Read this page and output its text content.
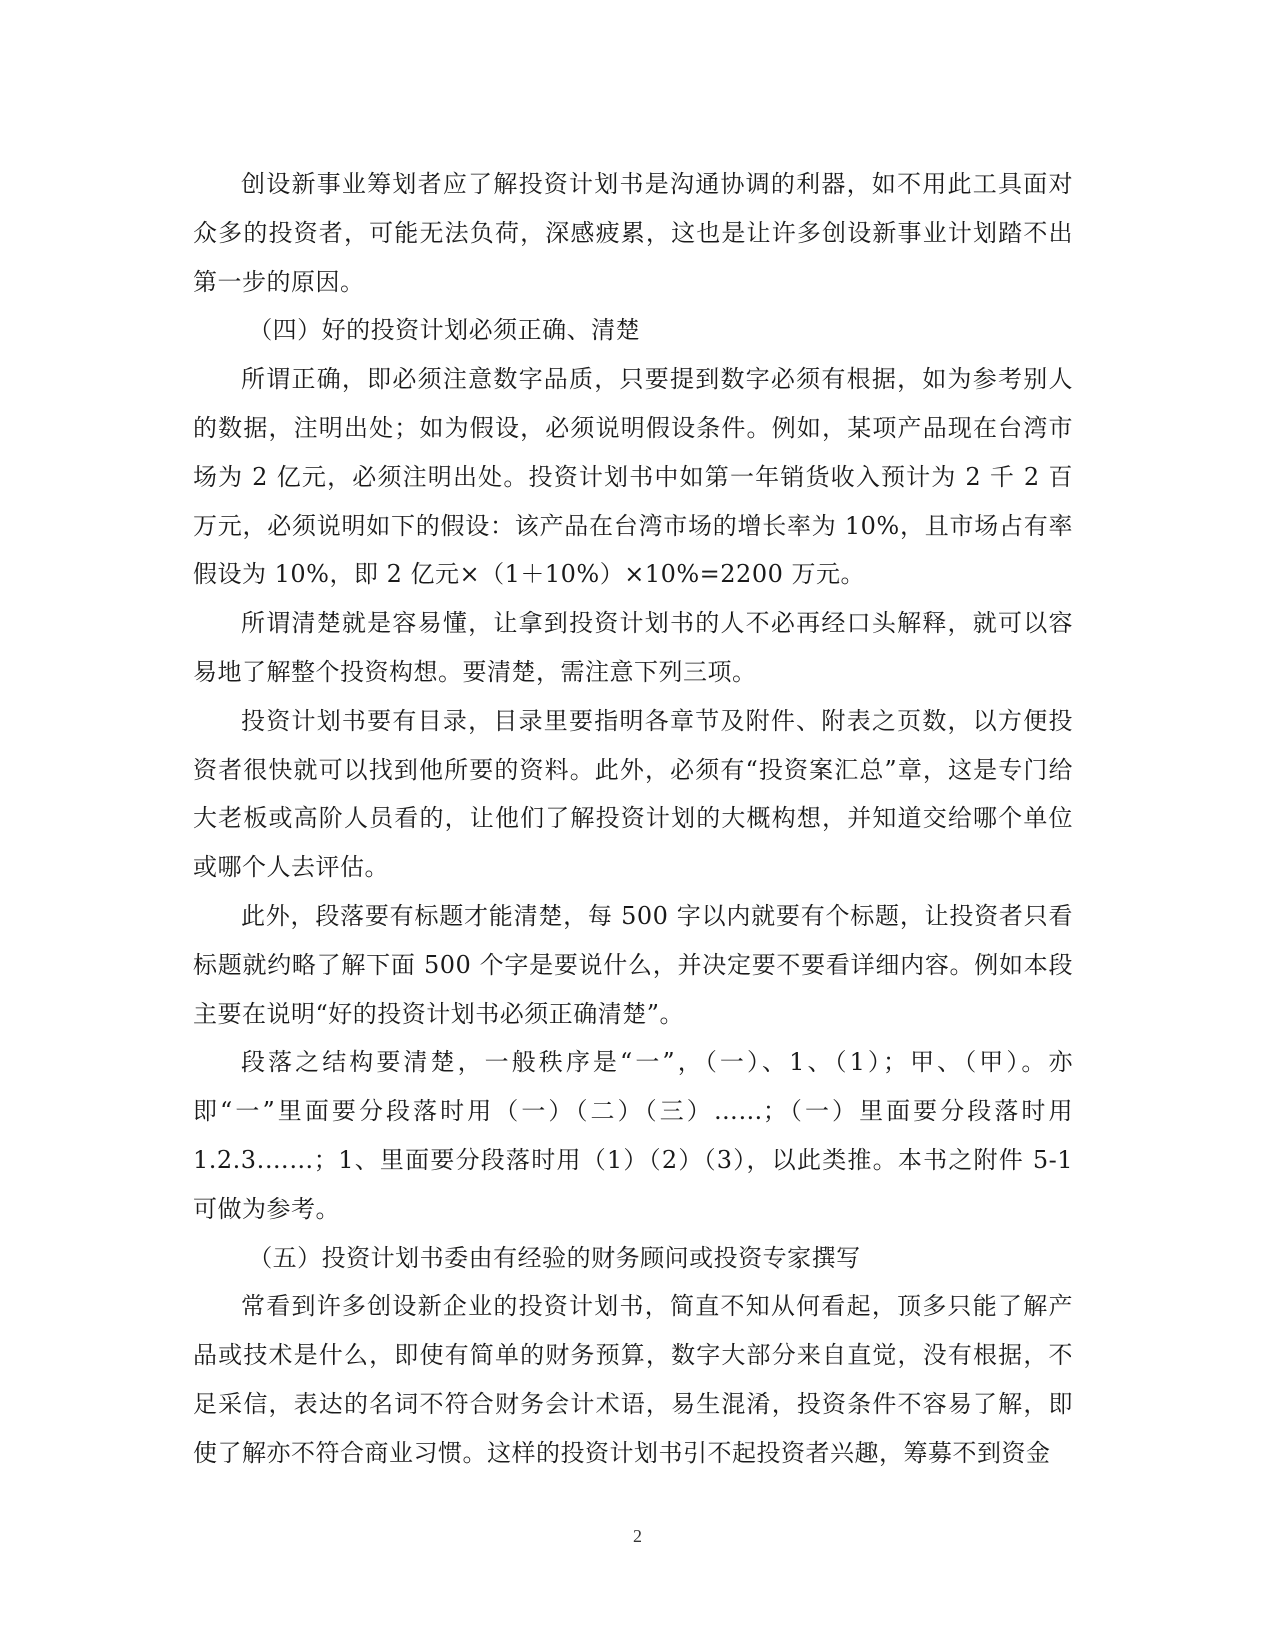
创设新事业筹划者应了解投资计划书是沟通协调的利器，如不用此工具面对众多的投资者，可能无法负荷，深感疲累，这也是让许多创设新事业计划踏不出第一步的原因。

（四）好的投资计划必须正确、清楚

所谓正确，即必须注意数字品质，只要提到数字必须有根据，如为参考别人的数据，注明出处；如为假设，必须说明假设条件。例如，某项产品现在台湾市场为 2 亿元，必须注明出处。投资计划书中如第一年销货收入预计为 2 千 2 百万元，必须说明如下的假设：该产品在台湾市场的增长率为 10%，且市场占有率假设为 10%，即 2 亿元×（1＋10%）×10%=2200 万元。

所谓清楚就是容易懂，让拿到投资计划书的人不必再经口头解释，就可以容易地了解整个投资构想。要清楚，需注意下列三项。

投资计划书要有目录，目录里要指明各章节及附件、附表之页数，以方便投资者很快就可以找到他所要的资料。此外，必须有“投资案汇总”章，这是专门给大老板或高阶人员看的，让他们了解投资计划的大概构想，并知道交给哪个单位或哪个人去评估。

此外，段落要有标题才能清楚，每 500 字以内就要有个标题，让投资者只看标题就约略了解下面 500 个字是要说什么，并决定要不要看详细内容。例如本段主要在说明“好的投资计划书必须正确清楚”。

段落之结构要清楚，一般秩序是“一”，（一）、1、（1）；甲、（甲）。亦即“一”里面要分段落时用（一）（二）（三）……；（一）里面要分段落时用 1.2.3.……；1、里面要分段落时用（1）（2）（3），以此类推。本书之附件 5-1 可做为参考。

（五）投资计划书委由有经验的财务顾问或投资专家撰写

常看到许多创设新企业的投资计划书，简直不知从何看起，顶多只能了解产品或技术是什么，即使有简单的财务预算，数字大部分来自直觉，没有根据，不足采信，表达的名词不符合财务会计术语，易生混淆，投资条件不容易了解，即使了解亦不符合商业习惯。这样的投资计划书引不起投资者兴趣，筹募不到资金

2
